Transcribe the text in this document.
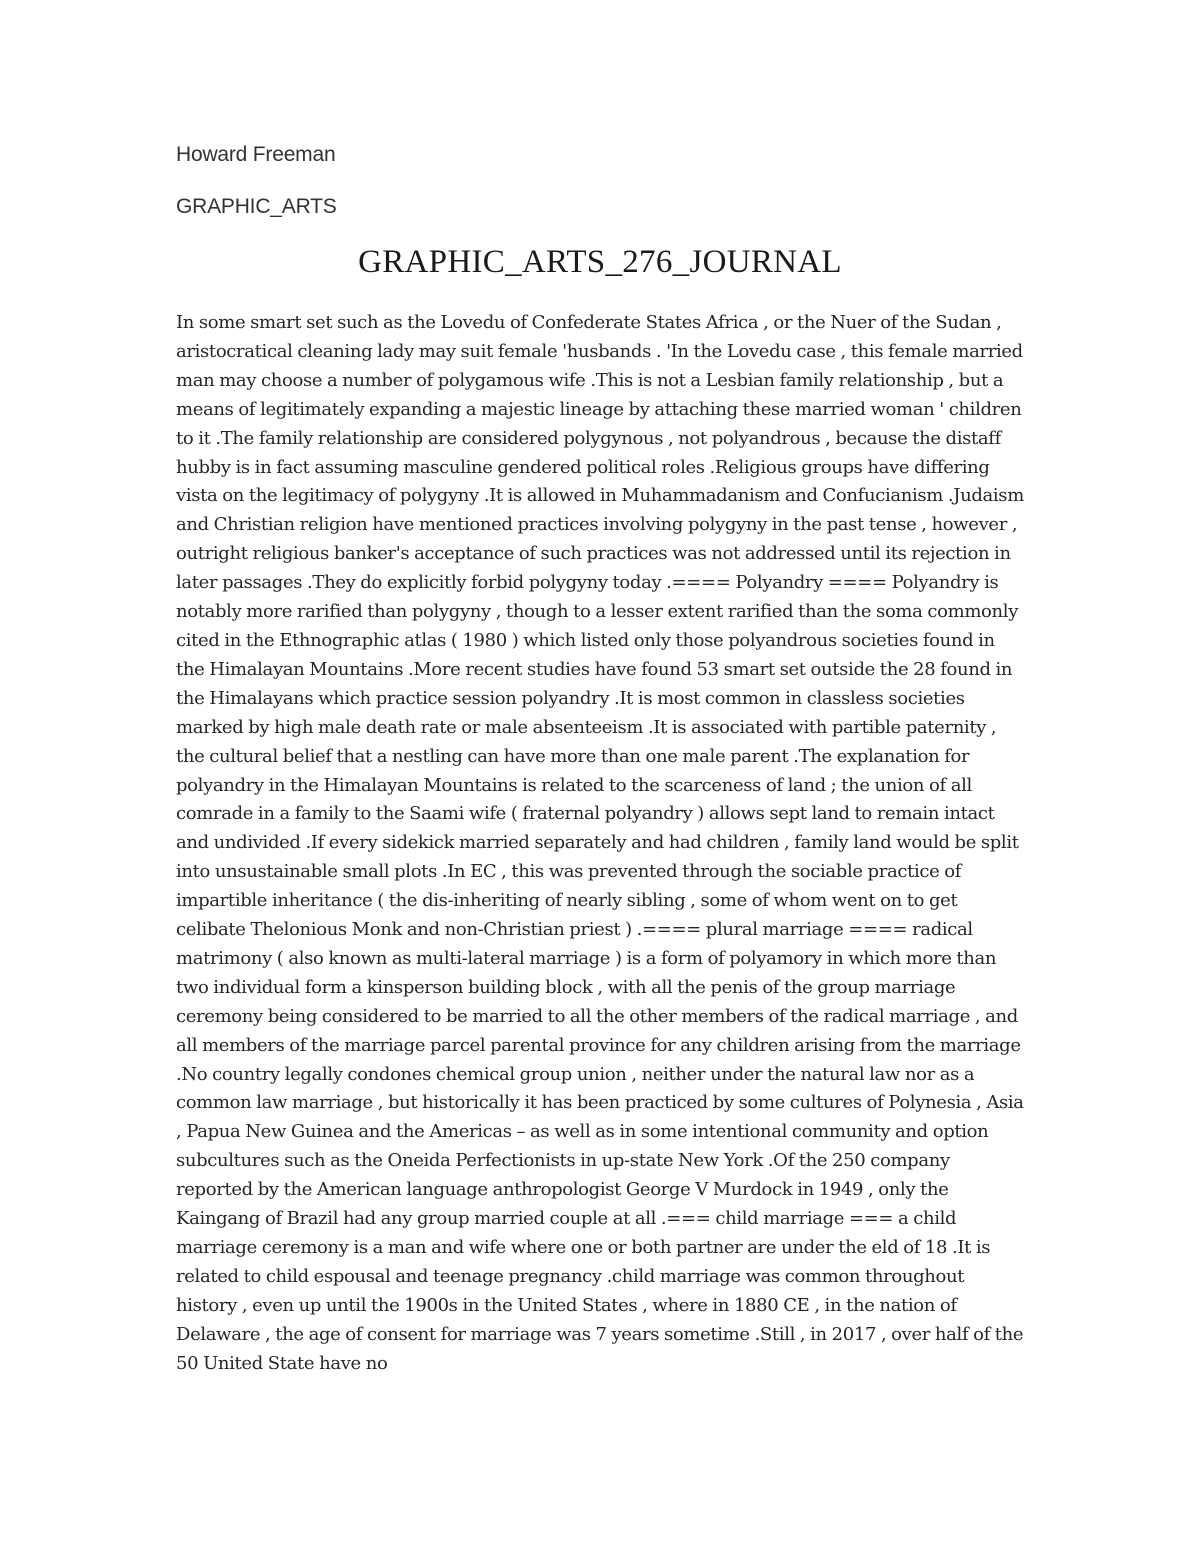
Howard Freeman
GRAPHIC_ARTS
GRAPHIC_ARTS_276_JOURNAL

In some smart set such as the Lovedu of Confederate States Africa , or the Nuer of the Sudan , aristocratical cleaning lady may suit female 'husbands . 'In the Lovedu case , this female married man may choose a number of polygamous wife .This is not a Lesbian family relationship , but a means of legitimately expanding a majestic lineage by attaching these married woman ' children to it .The family relationship are considered polygynous , not polyandrous , because the distaff hubby is in fact assuming masculine gendered political roles .Religious groups have differing vista on the legitimacy of polygyny .It is allowed in Muhammadanism and Confucianism .Judaism and Christian religion have mentioned practices involving polygyny in the past tense , however , outright religious banker's acceptance of such practices was not addressed until its rejection in later passages .They do explicitly forbid polygyny today .==== Polyandry ==== Polyandry is notably more rarified than polygyny , though to a lesser extent rarified than the soma commonly cited in the Ethnographic atlas ( 1980 ) which listed only those polyandrous societies found in the Himalayan Mountains .More recent studies have found 53 smart set outside the 28 found in the Himalayans which practice session polyandry .It is most common in classless societies marked by high male death rate or male absenteeism .It is associated with partible paternity , the cultural belief that a nestling can have more than one male parent .The explanation for polyandry in the Himalayan Mountains is related to the scarceness of land ; the union of all comrade in a family to the Saami wife ( fraternal polyandry ) allows sept land to remain intact and undivided .If every sidekick married separately and had children , family land would be split into unsustainable small plots .In EC , this was prevented through the sociable practice of impartible inheritance ( the dis-inheriting of nearly sibling , some of whom went on to get celibate Thelonious Monk and non-Christian priest ) .==== plural marriage ==== radical matrimony ( also known as multi-lateral marriage ) is a form of polyamory in which more than two individual form a kinsperson building block , with all the penis of the group marriage ceremony being considered to be married to all the other members of the radical marriage , and all members of the marriage parcel parental province for any children arising from the marriage .No country legally condones chemical group union , neither under the natural law nor as a common law marriage , but historically it has been practiced by some cultures of Polynesia , Asia , Papua New Guinea and the Americas – as well as in some intentional community and option subcultures such as the Oneida Perfectionists in up-state New York .Of the 250 company reported by the American language anthropologist George V Murdock in 1949 , only the Kaingang of Brazil had any group married couple at all .=== child marriage === a child marriage ceremony is a man and wife where one or both partner are under the eld of 18 .It is related to child espousal and teenage pregnancy .child marriage was common throughout history , even up until the 1900s in the United States , where in 1880 CE , in the nation of Delaware , the age of consent for marriage was 7 years sometime .Still , in 2017 , over half of the 50 United State have no
